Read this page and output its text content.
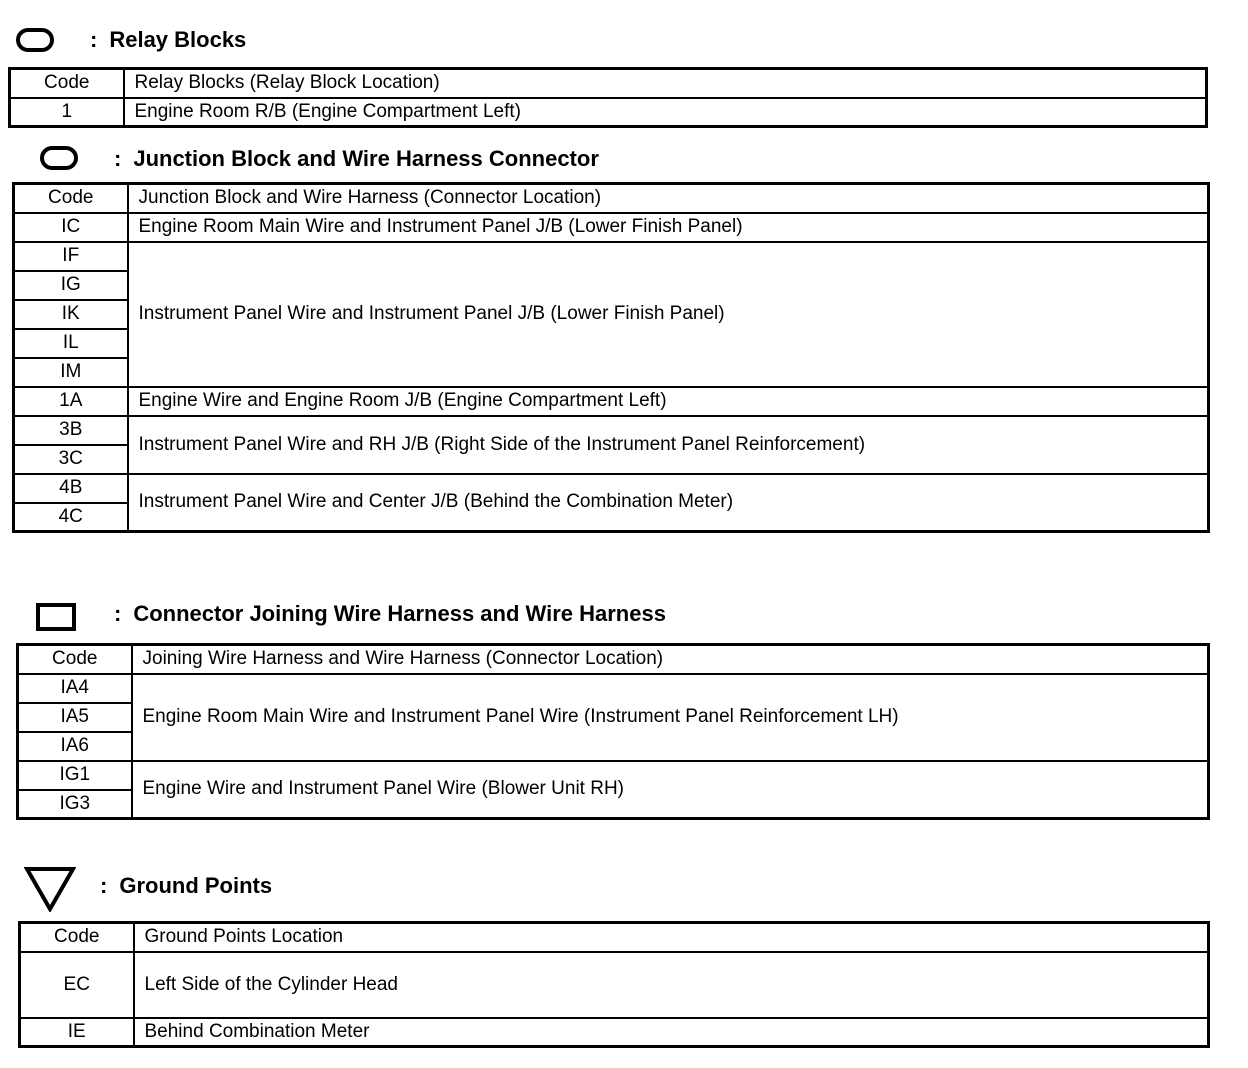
: Relay Blocks
Code	Relay Blocks (Relay Block Location)
1	Engine Room R/B (Engine Compartment Left)
: Junction Block and Wire Harness Connector
Code	Junction Block and Wire Harness (Connector Location)
IC	Engine Room Main Wire and Instrument Panel J/B (Lower Finish Panel)
IF	Instrument Panel Wire and Instrument Panel J/B (Lower Finish Panel)
IG	
IK	
IL	
IM	
1A	Engine Wire and Engine Room J/B (Engine Compartment Left)
3B	Instrument Panel Wire and RH J/B (Right Side of the Instrument Panel Reinforcement)
3C	
4B	Instrument Panel Wire and Center J/B (Behind the Combination Meter)
4C	
: Connector Joining Wire Harness and Wire Harness
Code	Joining Wire Harness and Wire Harness (Connector Location)
IA4	Engine Room Main Wire and Instrument Panel Wire (Instrument Panel Reinforcement LH)
IA5	
IA6	
IG1	Engine Wire and Instrument Panel Wire (Blower Unit RH)
IG3	
: Ground Points
Code	Ground Points Location
EC	Left Side of the Cylinder Head
IE	Behind Combination Meter
